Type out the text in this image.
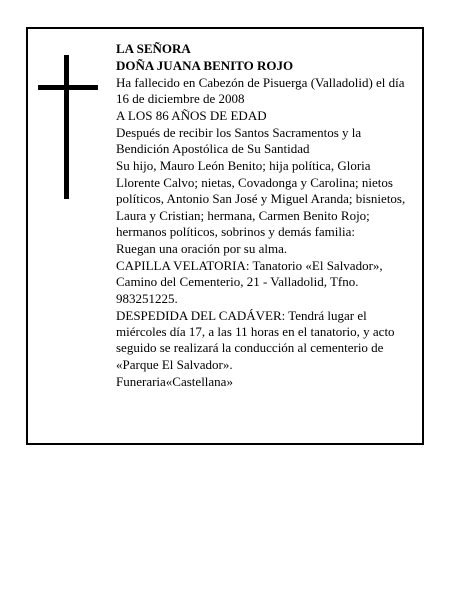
LA SEÑORA

DOÑA JUANA BENITO ROJO

Ha fallecido en Cabezón de Pisuerga (Valladolid) el día 16 de diciembre de 2008

A LOS 86 AÑOS DE EDAD

Después de recibir los Santos Sacramentos y la Bendición Apostólica de Su Santidad

Su hijo, Mauro León Benito; hija política, Gloria Llorente Calvo; nietas, Covadonga y Carolina; nietos políticos, Antonio San José y Miguel Aranda; bisnietos, Laura y Cristian; hermana, Carmen Benito Rojo; hermanos políticos, sobrinos y demás familia:

Ruegan una oración por su alma.

CAPILLA VELATORIA: Tanatorio «El Salvador», Camino del Cementerio, 21 - Valladolid, Tfno. 983251225.

DESPEDIDA DEL CADÁVER: Tendrá lugar el miércoles día 17, a las 11 horas en el tanatorio, y acto seguido se realizará la conducción al cementerio de «Parque El Salvador».

Funeraria«Castellana»
